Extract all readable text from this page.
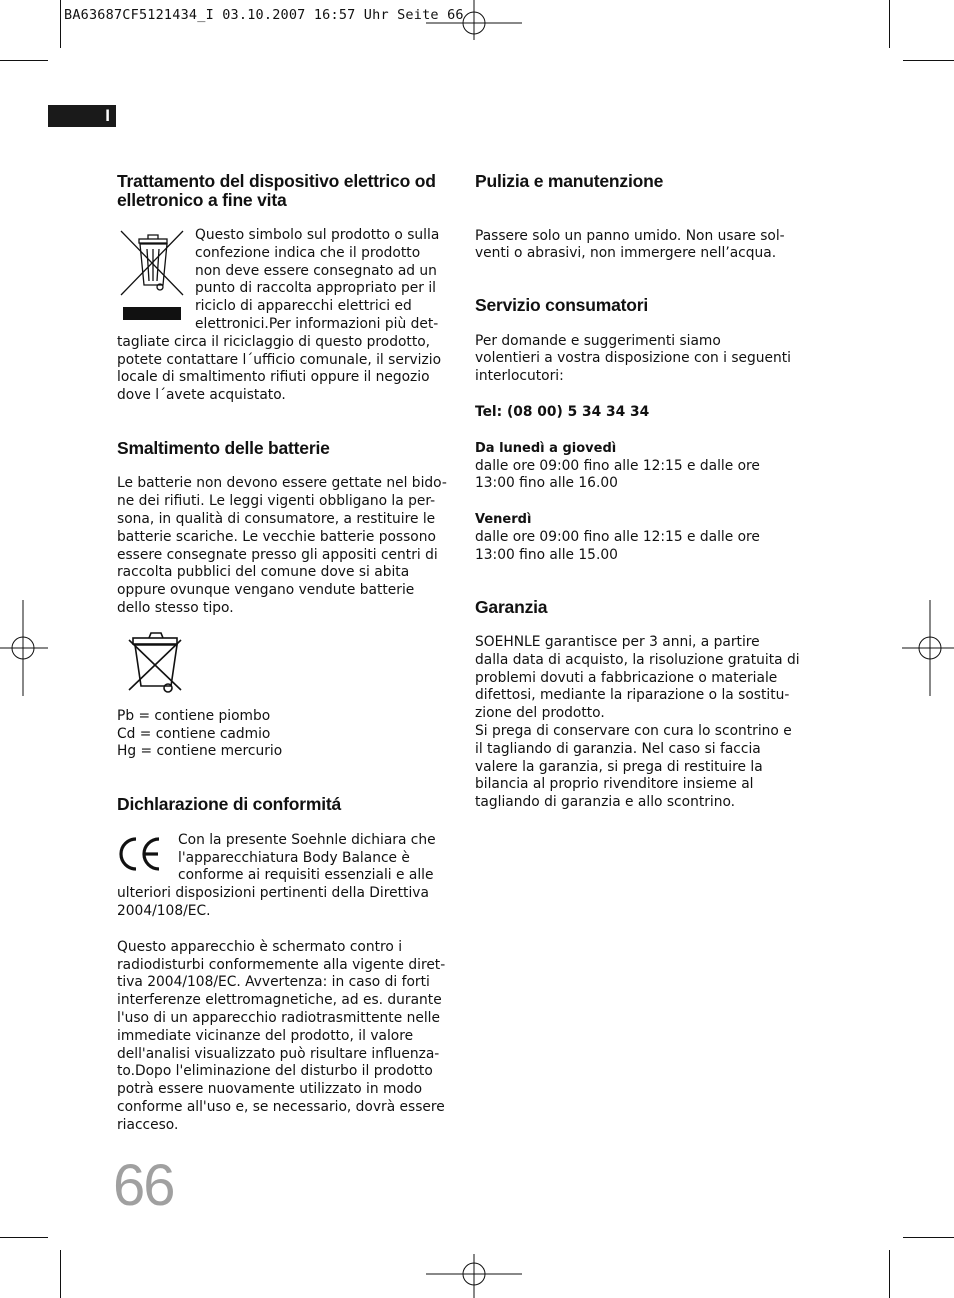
BA63687CF5121434_I 03.10.2007 16:57 Uhr Seite 66
I
Trattamento del dispositivo elettrico od elletronico a fine vita

Questo simbolo sul prodotto o sulla
confezione indica che il prodotto
non deve essere consegnato ad un
punto di raccolta appropriato per il
riciclo di apparecchi elettrici ed
elettronici.Per informazioni più det-

tagliate circa il riciclaggio di questo prodotto,
potete contattare l´ufficio comunale, il servizio
locale di smaltimento rifiuti oppure il negozio
dove l´avete acquistato.

Smaltimento delle batterie

Le batterie non devono essere gettate nel bido-
ne dei rifiuti. Le leggi vigenti obbligano la per-
sona, in qualità di consumatore, a restituire le
batterie scariche. Le vecchie batterie possono
essere consegnate presso gli appositi centri di
raccolta pubblici del comune dove si abita
oppure ovunque vengano vendute batterie
dello stesso tipo.

Pb = contiene piombo

Cd = contiene cadmio

Hg = contiene mercurio

Dichlarazione di conformitá

Con la presente Soehnle dichiara che
l'apparecchiatura Body Balance è
conforme ai requisiti essenziali e alle

ulteriori disposizioni pertinenti della Direttiva
2004/108/EC.

Questo apparecchio è schermato contro i
radiodisturbi conformemente alla vigente diret-
tiva 2004/108/EC. Avvertenza: in caso di forti
interferenze elettromagnetiche, ad es. durante
l'uso di un apparecchio radiotrasmittente nelle
immediate vicinanze del prodotto, il valore
dell'analisi visualizzato può risultare influenza-
to.Dopo l'eliminazione del disturbo il prodotto
potrà essere nuovamente utilizzato in modo
conforme all'uso e, se necessario, dovrà essere
riacceso.

Pulizia e manutenzione

Passere solo un panno umido. Non usare sol-
venti o abrasivi, non immergere nell’acqua.

Servizio consumatori

Per domande e suggerimenti siamo
volentieri a vostra disposizione con i seguenti
interlocutori:

Tel: (08 00) 5 34 34 34

Da lunedì a giovedì

dalle ore 09:00 fino alle 12:15 e dalle ore
13:00 fino alle 16.00

Venerdì

dalle ore 09:00 fino alle 12:15 e dalle ore
13:00 fino alle 15.00

Garanzia

SOEHNLE garantisce per 3 anni, a partire
dalla data di acquisto, la risoluzione gratuita di
problemi dovuti a fabbricazione o materiale
difettosi, mediante la riparazione o la sostitu-
zione del prodotto.
Si prega di conservare con cura lo scontrino e
il tagliando di garanzia. Nel caso si faccia
valere la garanzia, si prega di restituire la
bilancia al proprio rivenditore insieme al
tagliando di garanzia e allo scontrino.

66
